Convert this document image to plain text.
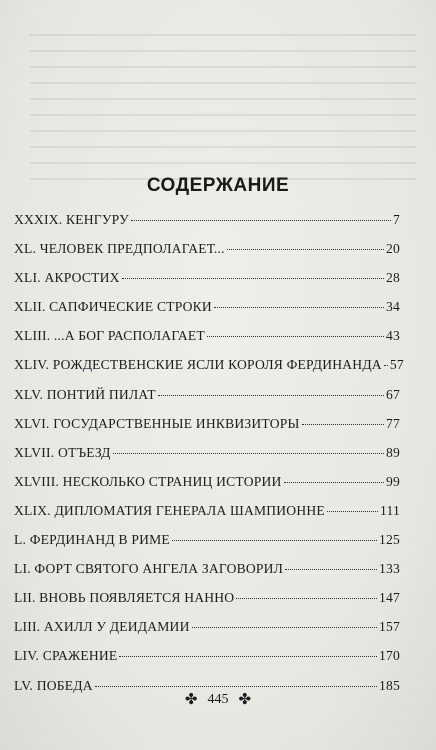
СОДЕРЖАНИЕ
XXXIX. КЕНГУРУ	7
XL. ЧЕЛОВЕК ПРЕДПОЛАГАЕТ...	20
XLI. АКРОСТИХ	28
XLII. САПФИЧЕСКИЕ СТРОКИ	34
XLIII. ...А БОГ РАСПОЛАГАЕТ	43
XLIV. РОЖДЕСТВЕНСКИЕ ЯСЛИ КОРОЛЯ ФЕРДИНАНДА 57
XLV. ПОНТИЙ ПИЛАТ	67
XLVI. ГОСУДАРСТВЕННЫЕ ИНКВИЗИТОРЫ	77
XLVII. ОТЪЕЗД	89
XLVIII. НЕСКОЛЬКО СТРАНИЦ ИСТОРИИ	99
XLIX. ДИПЛОМАТИЯ ГЕНЕРАЛА ШАМПИОННЕ	111
L. ФЕРДИНАНД В РИМЕ	125
LI. ФОРТ СВЯТОГО АНГЕЛА ЗАГОВОРИЛ	133
LII. ВНОВЬ ПОЯВЛЯЕТСЯ НАННО	147
LIII. АХИЛЛ У ДЕИДАМИИ	157
LIV. СРАЖЕНИЕ	170
LV. ПОБЕДА	185
✤ 445 ✤
